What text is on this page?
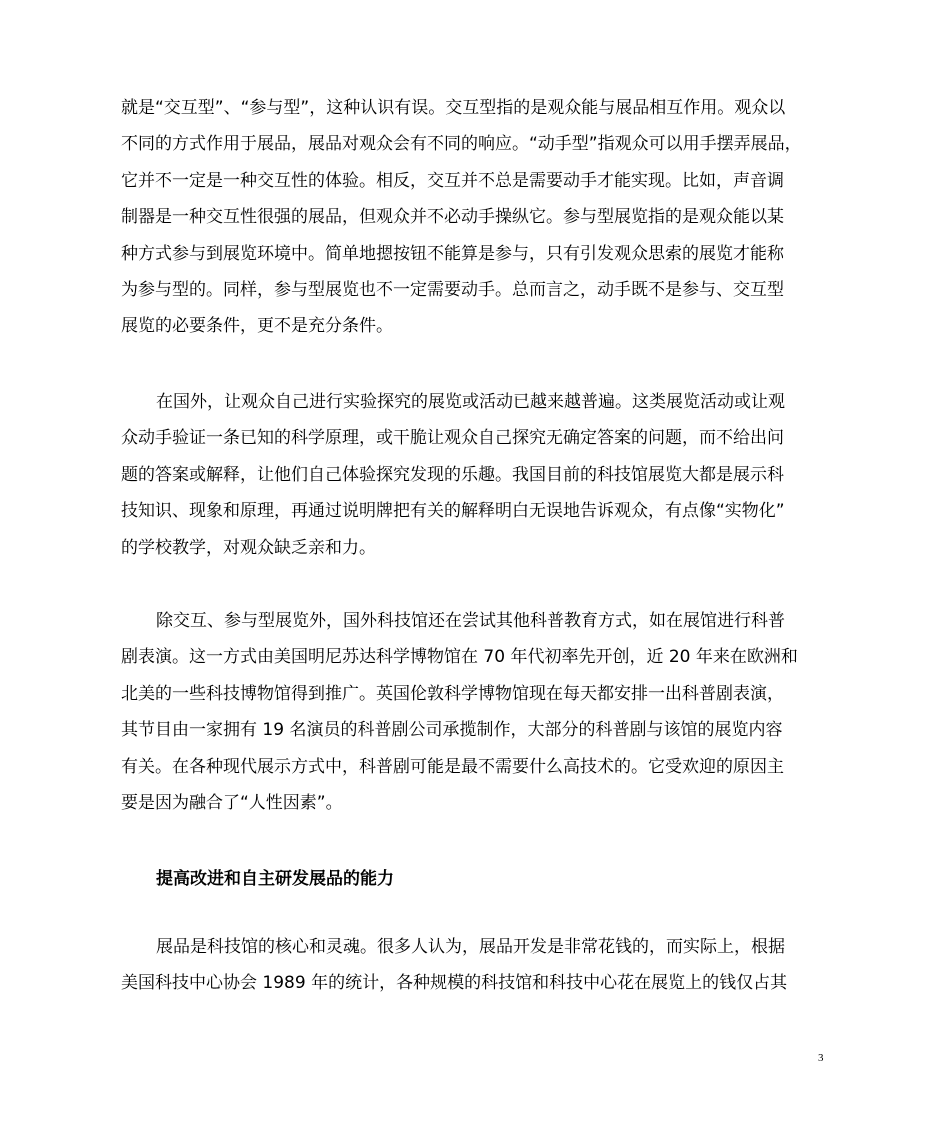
就是“交互型”、“参与型”，这种认识有误。交互型指的是观众能与展品相互作用。观众以
不同的方式作用于展品，展品对观众会有不同的响应。“动手型”指观众可以用手摆弄展品，
它并不一定是一种交互性的体验。相反，交互并不总是需要动手才能实现。比如，声音调
制器是一种交互性很强的展品，但观众并不必动手操纵它。参与型展览指的是观众能以某
种方式参与到展览环境中。简单地摁按钮不能算是参与，只有引发观众思索的展览才能称
为参与型的。同样，参与型展览也不一定需要动手。总而言之，动手既不是参与、交互型
展览的必要条件，更不是充分条件。
在国外，让观众自己进行实验探究的展览或活动已越来越普遍。这类展览活动或让观
众动手验证一条已知的科学原理，或干脆让观众自己探究无确定答案的问题，而不给出问
题的答案或解释，让他们自己体验探究发现的乐趣。我国目前的科技馆展览大都是展示科
技知识、现象和原理，再通过说明牌把有关的解释明白无误地告诉观众，有点像“实物化”
的学校教学，对观众缺乏亲和力。
除交互、参与型展览外，国外科技馆还在尝试其他科普教育方式，如在展馆进行科普
剧表演。这一方式由美国明尼苏达科学博物馆在 70 年代初率先开创，近 20 年来在欧洲和
北美的一些科技博物馆得到推广。英国伦敦科学博物馆现在每天都安排一出科普剧表演，
其节目由一家拥有 19 名演员的科普剧公司承揽制作，大部分的科普剧与该馆的展览内容
有关。在各种现代展示方式中，科普剧可能是最不需要什么高技术的。它受欢迎的原因主
要是因为融合了“人性因素”。
提高改进和自主研发展品的能力
展品是科技馆的核心和灵魂。很多人认为，展品开发是非常花钱的，而实际上，根据
美国科技中心协会 1989 年的统计，各种规模的科技馆和科技中心花在展览上的钱仅占其
3
